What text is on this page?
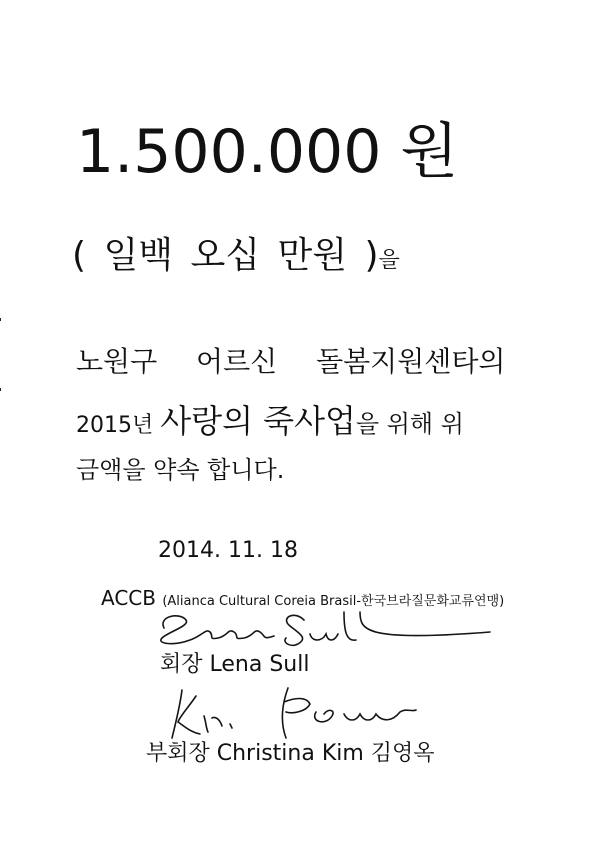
1.500.000 원
( 일백 오십 만원 )을
노원구 어르신 돌봄지원센타의
2015년 사랑의 죽사업을 위해 위
금액을 약속 합니다.
2014. 11. 18
ACCB (Alianca Cultural Coreia Brasil-한국브라질문화교류연맹)
회장 Lena Sull
부회장 Christina Kim 김영옥
